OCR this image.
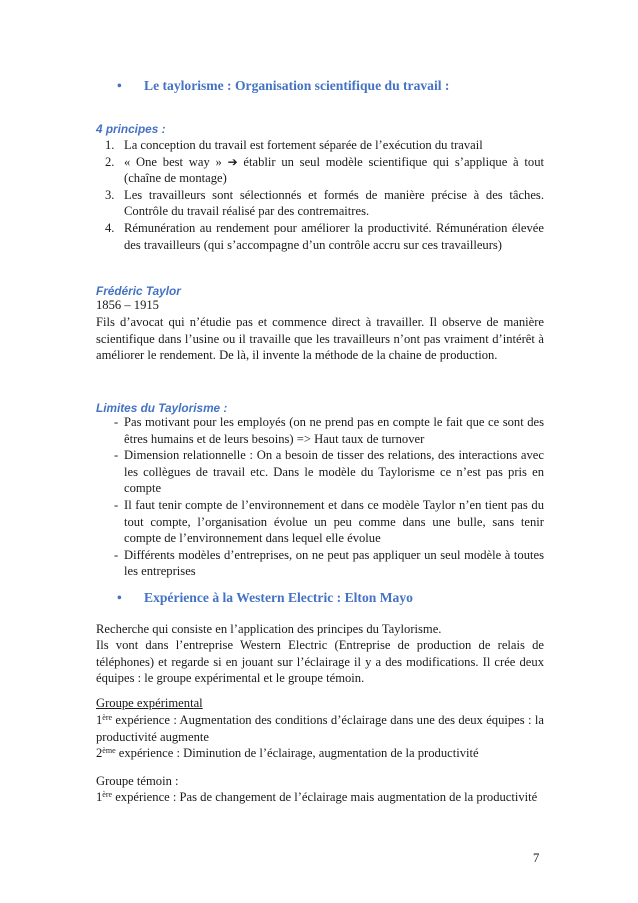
• Le taylorisme : Organisation scientifique du travail :
4 principes :
1. La conception du travail est fortement séparée de l’exécution du travail
2. « One best way » ➔ établir un seul modèle scientifique qui s’applique à tout (chaîne de montage)
3. Les travailleurs sont sélectionnés et formés de manière précise à des tâches. Contrôle du travail réalisé par des contremaitres.
4. Rémunération au rendement pour améliorer la productivité. Rémunération élevée des travailleurs (qui s’accompagne d’un contrôle accru sur ces travailleurs)
Frédéric Taylor
1856 – 1915
Fils d’avocat qui n’étudie pas et commence direct à travailler. Il observe de manière scientifique dans l’usine ou il travaille que les travailleurs n’ont pas vraiment d’intérêt à améliorer le rendement. De là, il invente la méthode de la chaine de production.
Limites du Taylorisme :
- Pas motivant pour les employés (on ne prend pas en compte le fait que ce sont des êtres humains et de leurs besoins) => Haut taux de turnover
- Dimension relationnelle : On a besoin de tisser des relations, des interactions avec les collègues de travail etc. Dans le modèle du Taylorisme ce n’est pas pris en compte
- Il faut tenir compte de l’environnement et dans ce modèle Taylor n’en tient pas du tout compte, l’organisation évolue un peu comme dans une bulle, sans tenir compte de l’environnement dans lequel elle évolue
- Différents modèles d’entreprises, on ne peut pas appliquer un seul modèle à toutes les entreprises
• Expérience à la Western Electric : Elton Mayo
Recherche qui consiste en l’application des principes du Taylorisme.
Ils vont dans l’entreprise Western Electric (Entreprise de production de relais de téléphones) et regarde si en jouant sur l’éclairage il y a des modifications. Il crée deux équipes : le groupe expérimental et le groupe témoin.
Groupe expérimental
1ère expérience : Augmentation des conditions d’éclairage dans une des deux équipes : la productivité augmente
2ème expérience : Diminution de l’éclairage, augmentation de la productivité
Groupe témoin :
1ère expérience : Pas de changement de l’éclairage mais augmentation de la productivité
7
